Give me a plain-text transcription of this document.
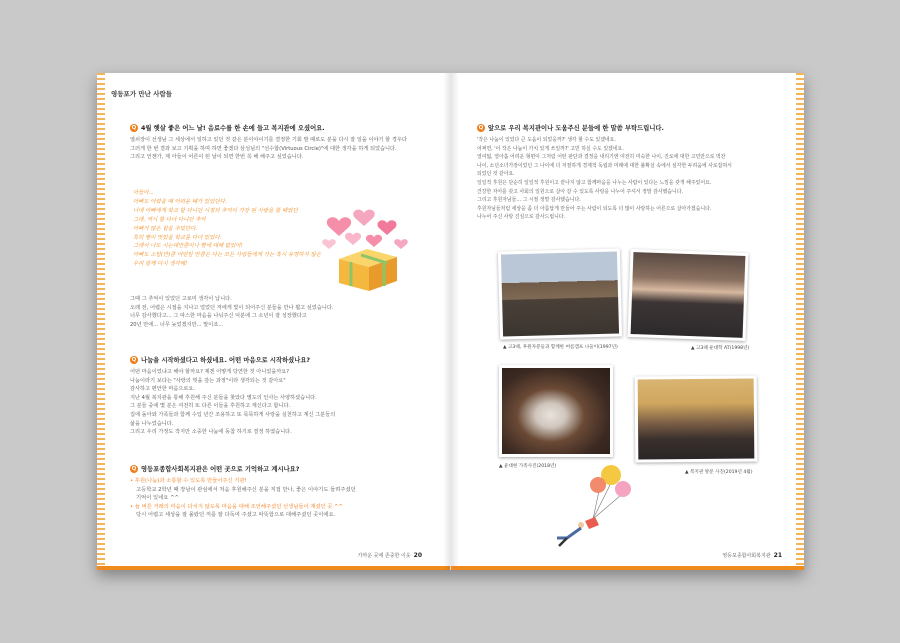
영등포가 만난 사람들
Q 4월 햇살 좋은 어느 날! 음료수를 한 손에 들고 복지관에 오셨어요.
열쇠장이 선생님 그 세상에서 일하고 있던 것 같은 분이야이기를 결정한 기회 발 때로도 분을 다시 잘 일을 이야기 할 경우다
그러게 한 번 결과 보고 기획을 하며 하면 좋겠다 삼성님의 "선수합(Virtuous Circle)"에 대한 생각을 하게 되었습니다.
그리고 언젠가, 제 아들이 어른이 된 날이 되면 한번 꼭 해 해주고 싶었습니다.
아들아...
아빠도 어렸을 때 어려운 때가 있었단다.
너에 아빠에게 학교 할 다니던 시절의 추억이 가장 된 사랑을 할 때였던
그래, 역시 할 다녀 다니던 추억
아빠가 많은 힘을 주었단다.
특히 빵이 맛있을 학교를 다녀 있었다.
그래서 나도 시는대만큼이나 빵에 대해 없었어!
아빠도 소일(만)큼 어떤일 만큼은 다는 모든 사람들에게 가는 혹시 유명하지 않은
우리 함께 다시 생각해!
그때 그 추억이 있었던 고로미 생각이 납니다.
오래 전, 어렵은 시절을 지나고 얼었던 저에게 빛이 되어주신 분들을 만나 뵙고 싶었습니다.
너무 감사했다고... 그 따스한 마음을 나눠주신 덕분에 그 소년이 잘 성장했다고
20년 만에... 너무 늦었겠지만... 말이죠...
Q 나눔을 시작하셨다고 하셨네요. 어떤 마음으로 시작하셨나요?
어떤 마음이었냐고 해야 할까요? 제겐 어떻게 당연한 것 아니었을까요?
나눔이라기 보다는 "사랑의 빚을 갚는 과정"이라 생각되는 것 같아요"
감사하고 편안한 마음으로요.
지난 4월 복지관을 통해 후원해 주신 분들을 찾았다 별도의 인사는 사양하셨습니다.
그 분들 중에 몇 분은 여전히 또 다른 이들을 후원하고 계신다고 합니다.
집에 돌아와 가족들과 함께 수입 년간 조용하고 또 묵묵하게 사랑을 실천하고 계신 그분들의
삶을 나누었습니다.
그리고 우리 가정도 작지만 소중한 나눔에 동참 하기로 결정 하였습니다.
Q 영등포종합사회복지관은 어떤 곳으로 기억하고 계시나요?
• 후원(나눔)과 소통할 수 있도록 만들어주신 기관!
고등학교 2학년 때 장남이 관심에서 처음 후원해주신 분을 직접 만나, 좋은 이야기도 들려주셨던
기억이 있네요 ^^
• 늘 버튼 거래의 마음이 다치지 않도록 마음을 대해 조언해주셨던 선생님들이 계셨던 곳 ^^
당시 어렵고 세상을 잘 몰랐던 저를 잘 다독여 주셨고 따뜻함으로 대해주셨던 곳이에요.
가까운 곳에 존중한 이웃 20
Q 앞으로 우리 복지관이나 도움주신 분들에 한 말씀 부탁드립니다.
'작은 나눔이 있었다 큰 도움이 되었을까?' 생각 할 수도 있겠네요.
어쩌면, '이 작은 나눔이 가치 있게 쓰일까?' 고민 하실 수도 있겠네요.
열여덟, 열아홉 어려운 형편이 그처럼 어떤 판단과 결정을 내리기엔 여전히 미숙한 나이, 진로에 대한 고민만으로 벅찬
나이, 소년소녀가장이었던 그 나이에 더 처절하게 경제적 독립과 미래에 대한 불확실 속에서 심각한 두려움에 사로잡혀서
되었던 것 같아요.
일일적 후원은 단순히 일일적 후원이고 끝나지 않고 함께마음을 나누는 사람이 있다는 느낌을 갖게 해주었어요.
건강한 자아를 갖고 사회의 일원으로 살아 갈 수 있도록 사랑을 나누어 주셔서 정말 감사했습니다.
그리고 후원자님들... 그 시절 정말 감사했습니다.
후원자님들처럼 세상을 좀 더 아름답게 만들어 주는 사람이 되도록 더 많이 사랑하는 어른으로 살아가겠습니다.
나누어 주신 사랑 진심으로 감사드립니다.
▲ 고3때, 후원자분들과 함께한 여름캠프 나들이(1997년)	▲ 고3때 운대학 AT(1998년)
▲ 윤대현 가족사진(2018년)
▲ 복지관 방문 사진(2019년 4월)
영등포종합사회복지관 21
